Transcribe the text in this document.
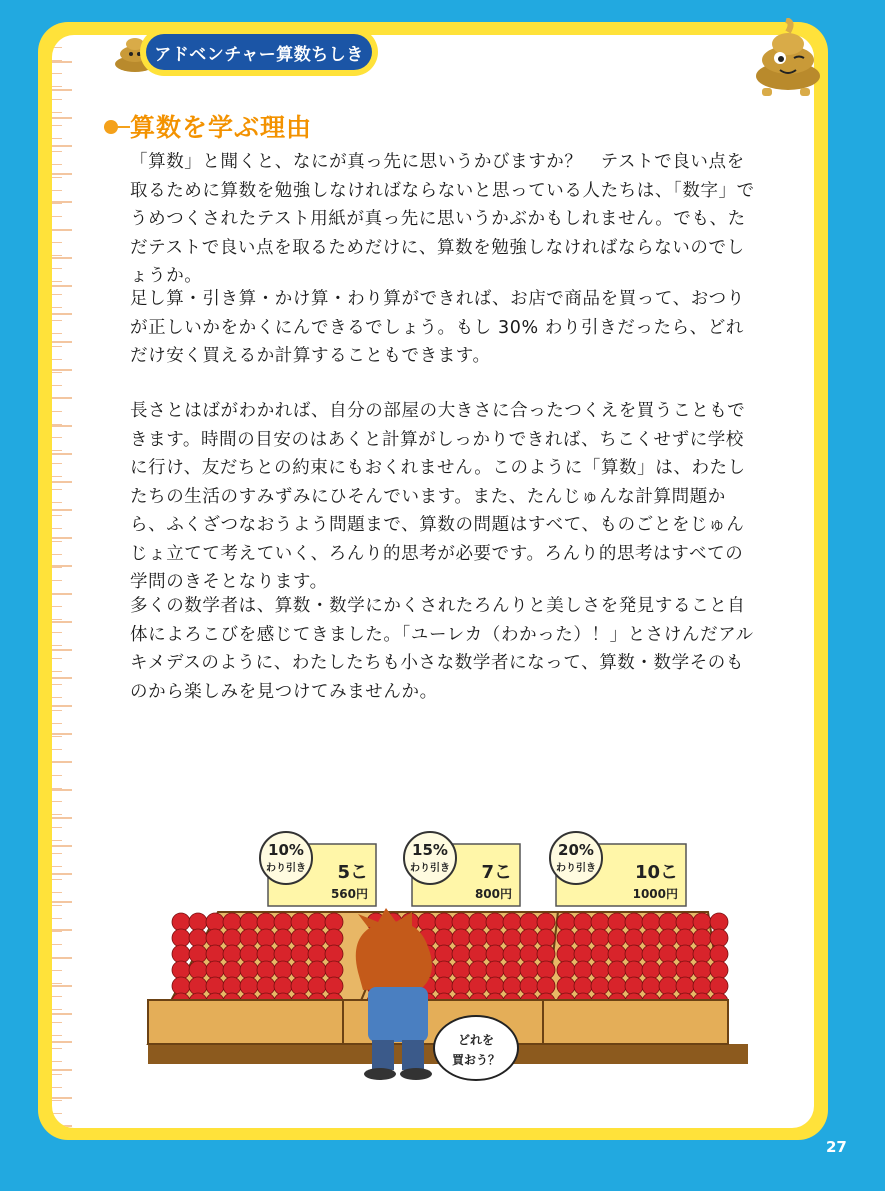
アドベンチャー算数ちしき
算数を学ぶ理由

「算数」と聞くと、なにが真っ先に思いうかびますか？　テストで良い点を取るために算数を勉強しなければならないと思っている人たちは、「数字」でうめつくされたテスト用紙が真っ先に思いうかぶかもしれません。でも、ただテストで良い点を取るためだけに、算数を勉強しなければならないのでしょうか。

足し算・引き算・かけ算・わり算ができれば、お店で商品を買って、おつりが正しいかをかくにんできるでしょう。もし 30% わり引きだったら、どれだけ安く買えるか計算することもできます。

長さとはばがわかれば、自分の部屋の大きさに合ったつくえを買うこともできます。時間の目安のはあくと計算がしっかりできれば、ちこくせずに学校に行け、友だちとの約束にもおくれません。このように「算数」は、わたしたちの生活のすみずみにひそんでいます。また、たんじゅんな計算問題から、ふくざつなおうよう問題まで、算数の問題はすべて、ものごとをじゅんじょ立てて考えていく、ろんり的思考が必要です。ろんり的思考はすべての学問のきそとなります。

多くの数学者は、算数・数学にかくされたろんりと美しさを発見すること自体によろこびを感じてきました。「ユーレカ（わかった）！」とさけんだアルキメデスのように、わたしたちも小さな数学者になって、算数・数学そのものから楽しみを見つけてみませんか。

10%
わり引き 5こ
560円
15%
わり引き 7こ
800円
20%
わり引き 10こ
1000円
どれを
買おう？
27
